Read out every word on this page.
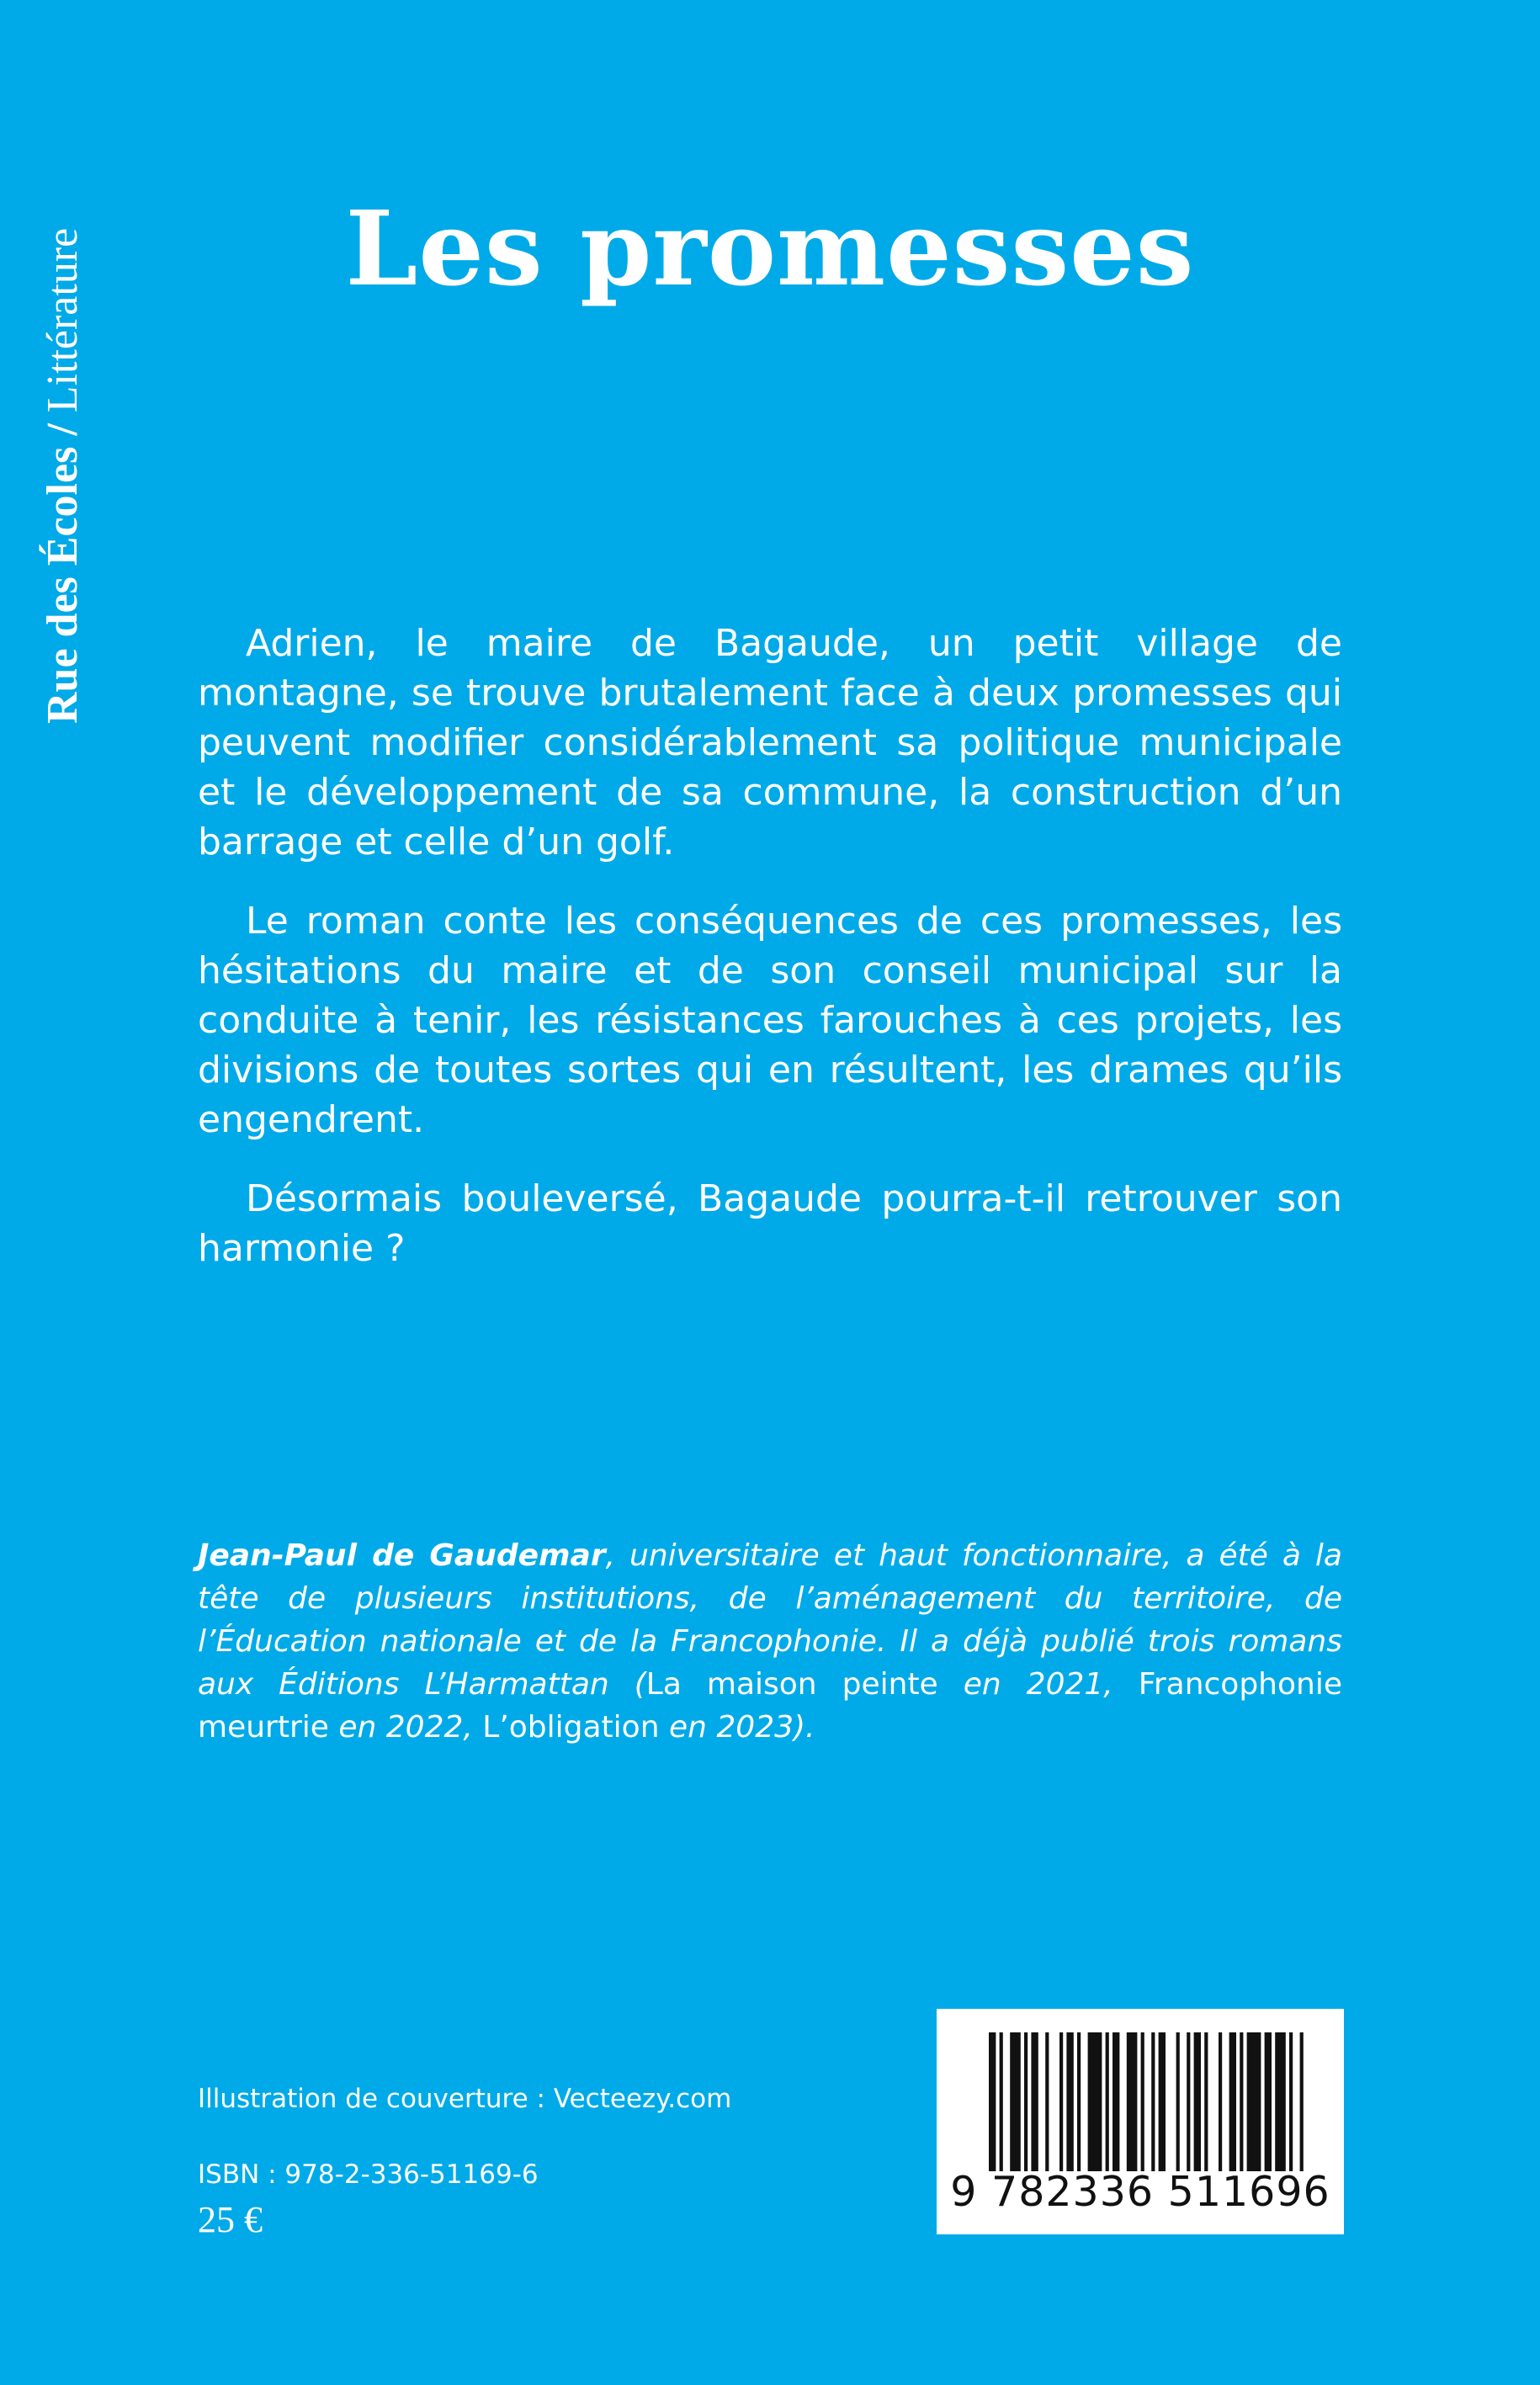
Rue des Écoles / Littérature	Les promesses

Adrien, le maire de Bagaude, un petit village de montagne, se trouve brutalement face à deux promesses qui peuvent modifier considérablement sa politique municipale et le développement de sa commune, la construction d’un barrage et celle d’un golf.

Le roman conte les conséquences de ces promesses, les hésitations du maire et de son conseil municipal sur la conduite à tenir, les résistances farouches à ces projets, les divisions de toutes sortes qui en résultent, les drames qu’ils engendrent.

Désormais bouleversé, Bagaude pourra-t-il retrouver son harmonie ?

Jean-Paul de Gaudemar, universitaire et haut fonctionnaire, a été à la tête de plusieurs institutions, de l’aménagement du territoire, de l’Éducation nationale et de la Francophonie. Il a déjà publié trois romans aux Éditions L’Harmattan (La maison peinte en 2021, Francophonie meurtrie en 2022, L’obligation en 2023).

Illustration de couverture : Vecteezy.com
ISBN : 978-2-336-51169-6
25 €
9 782336 511696
